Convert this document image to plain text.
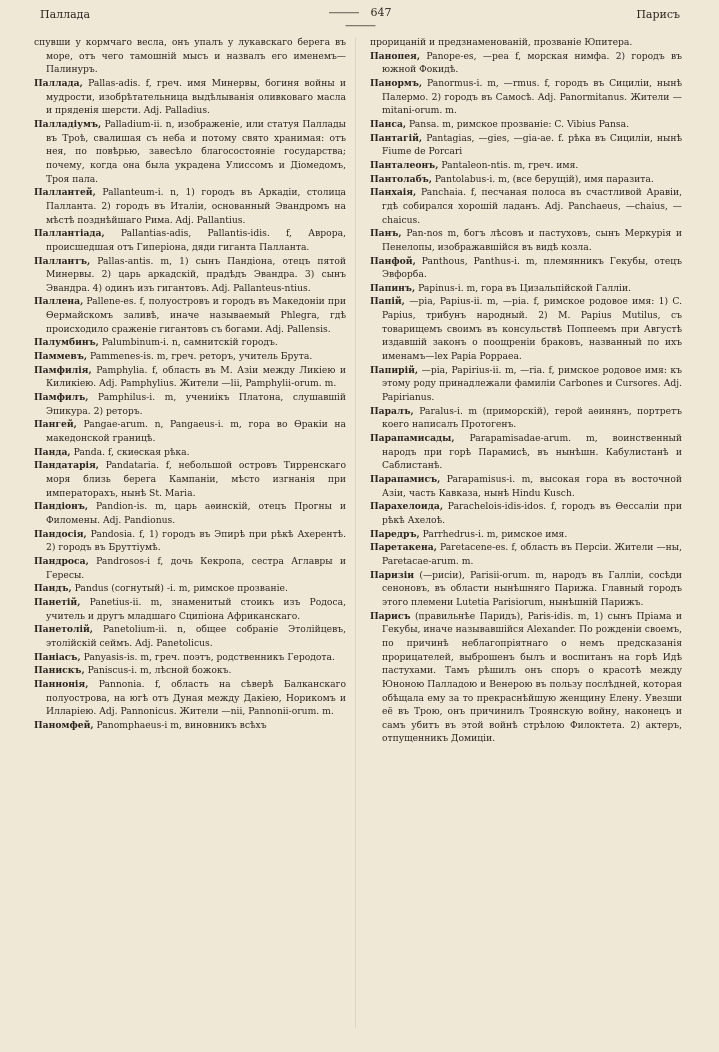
Паллада	——— 647———
Парисъ

спувши у кормчаго весла, онъ упалъ у лукавскаго берега въ море, отъ чего тамошній мысъ и назвалъ его именемъ—Палинуръ.

Паллада, Pallas-adis. f, греч. имя Минервы, богиня войны и мудрости, изобрѣтательница выдѣлыванія оливковаго масла и пряденія шерсти. Adj. Palladius.

Палладіумъ, Palladium-ii. n, изображеніе, или статуя Паллады въ Троѣ, свалишая съ неба и потому свято хранимая: отъ нея, по повѣрью, завесѣло благосостояніе государства; почему, когда она была украдена Улиссомъ и Діомедомъ, Троя пала.

Паллантей, Pallanteum-i. n, 1) городъ въ Аркадіи, столица Палланта. 2) городъ въ Италіи, основанный Эвандромъ на мѣстѣ позднѣйшаго Рима. Adj. Pallantius.

Паллантіада, Pallantias-adis, Pallantis-idis. f, Аврора, происшедшая отъ Гиперіона, дяди гиганта Палланта.

Паллантъ, Pallas-antis. m, 1) сынъ Пандіона, отецъ пятой Минервы. 2) царь аркадскій, прадѣдъ Эвандра. 3) сынъ Эвандра. 4) одинъ изъ гигантовъ. Adj. Pallanteus-ntius.

Паллена, Pallene-es. f, полуостровъ и городъ въ Македоніи при Ѳермайскомъ заливѣ, иначе называемый Phlegra, гдѣ происходило сраженіе гигантовъ съ богами. Adj. Pallensis.

Палумбинъ, Palumbinum-i. n, самнитскій городъ.

Паммевъ, Pammenes-is. m, греч. реторъ, учитель Брута.

Памфилія, Pamphylia. f, область въ М. Азіи между Ликіею и Киликіею. Adj. Pamphylius. Жители —lii, Pamphylii-orum. m.

Памфилъ, Pamphilus-i. m, учениікъ Платона, слушавшій Эпикура. 2) реторъ.

Пангей, Pangae-arum. n, Pangaeus-i. m, гора во Ѳракіи на македонской границѣ.

Панда, Panda. f, скиѳская рѣка.

Пандатарія, Pandataria. f, небольшой островъ Тирренскаго моря близь берега Кампаніи, мѣсто изгнанія при императорахъ, нынѣ St. Maria.

Пандіонъ, Pandion-is. m, царь аѳинскій, отецъ Прогны и Филомены. Adj. Pandionus.

Пандосія, Pandosia. f, 1) городъ въ Эпирѣ при рѣкѣ Ахерентѣ. 2) городъ въ Бруттіумѣ.

Пандроса, Pandrosos-i f, дочь Кекропа, сестра Аглавры и Гересы.

Пандъ, Pandus (согнутый) -i. m, римское прозваніе.

Панетій, Panetius-ii. m, знаменитый стоикъ изъ Родоса, учитель и другъ младшаго Сципіона Африканскаго.

Панетолій, Panetolium-ii. n, общее собраніе Этолійцевъ, этолійскій сеймъ. Adj. Panetolicus.

Паніасъ, Panyasis-is. m, греч. поэтъ, родственникъ Геродота.

Панискъ, Paniscus-i. m, лѣсной божокъ.

Паннонія, Pannonia. f, область на сѣверѣ Балканскаго полуострова, на югѣ отъ Дуная между Дакіею, Норикомъ и Илларіею. Adj. Pannonicus. Жители —nii, Pannonii-orum. m.

Паномфей, Panomphaeus-i m, виновникъ всѣхъ

прорицаній и предзнаменованій, прозваніе Юпитера.

Панопея, Panope-es, —pea f, морская нимфа. 2) городъ въ южной Фокидѣ.

Панормъ, Panormus-i. m, —rmus. f, городъ въ Сициліи, нынѣ Палермо. 2) городъ въ Самосѣ. Adj. Panormitanus. Жители —mitani-orum. m.

Панса, Pansa. m, римское прозваніе: C. Vibius Pansa.

Пантагій, Pantagias, —gies, —gia-ae. f. рѣка въ Сициліи, нынѣ Fiume de Porcari

Панталеонъ, Pantaleon-ntis. m, греч. имя.

Пантолабъ, Pantolabus-i. m, (все берущій), имя паразита.

Панхаія, Panchaia. f, песчаная полоса въ счастливой Аравіи, гдѣ собирался хорошій ладанъ. Adj. Panchaeus, —chaius, —chaicus.

Панъ, Pan-nos m, богъ лѣсовъ и пастуховъ, сынъ Меркурія и Пенелопы, изображавшійся въ видѣ козла.

Панфой, Panthous, Panthus-i. m, племянникъ Гекубы, отецъ Эвфорба.

Папинъ, Papinus-i. m, гора въ Цизальпійской Галліи.

Папій, —pia, Papius-ii. m, —pia. f, римское родовое имя: 1) C. Papius, трибунъ народный. 2) M. Papius Mutilus, съ товарищемъ своимъ въ консульствѣ Поппеемъ при Августѣ издавшій законъ о поощреніи браковъ, названный по ихъ именамъ—lex Papia Poppaea.

Папирій, —pia, Papirius-ii. m, —ria. f, римское родовое имя: къ этому роду принадлежали фамиліи Carbones и Cursores. Adj. Papirianus.

Паралъ, Paralus-i. m (приморскій), герой аѳинянъ, портретъ коего написалъ Протогенъ.

Парапамисады, Parapamisadae-arum. m, воинственный народъ при горѣ Парамисѣ, въ нынѣшн. Кабулистанѣ и Саблистанѣ.

Парапамисъ, Parapamisus-i. m, высокая гора въ восточной Азіи, часть Кавказа, нынѣ Hindu Kusch.

Парахелоида, Parachelois-idis-idos. f, городъ въ Ѳессаліи при рѣкѣ Ахелоѣ.

Паредръ, Parrhedrus-i. m, римское имя.

Паретакена, Paretacene-es. f, область въ Персіи. Жители —ны, Paretacae-arum. m.

Паризіи (—рисіи), Parisii-orum. m, народъ въ Галліи, сосѣди сеноновъ, въ области нынѣшняго Парижа. Главный городъ этого племени Lutetia Parisiorum, нынѣшній Парижъ.

Парисъ (правильнѣе Паридъ), Paris-idis. m, 1) сынъ Пріама и Гекубы, иначе называвшійся Alexander. По рожденіи своемъ, по причинѣ неблагопріятнаго о немъ предсказанія прорицателей, выброшенъ былъ и воспитанъ на горѣ Идѣ пастухами. Тамъ рѣшилъ онъ споръ о красотѣ между Юноною Палладою и Венерою въ пользу послѣдней, которая обѣщала ему за то прекраснѣйшую женщину Елену. Увезши её въ Трою, онъ причинилъ Троянскую войну, наконецъ и самъ убитъ въ этой войнѣ стрѣлою Филоктета. 2) актеръ, отпущенникъ Домиціи.
